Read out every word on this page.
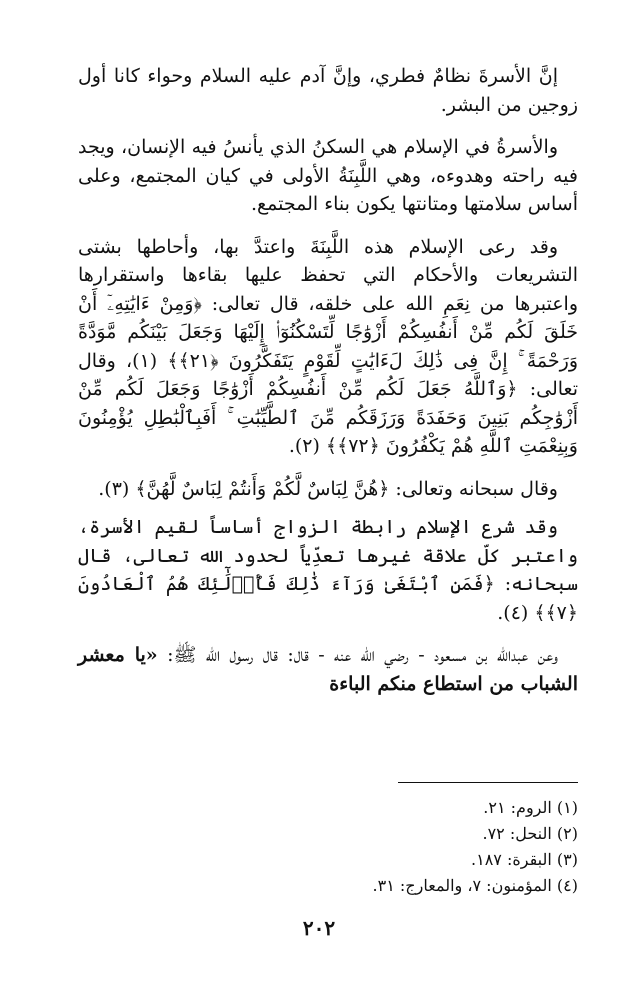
إنَّ الأسرةَ نظامٌ فطري، وإنَّ آدم عليه السلام وحواء كانا أول زوجين من البشر.

والأسرةُ في الإسلام هي السكنُ الذي يأنسُ فيه الإنسان، ويجد فيه راحته وهدوءه، وهي اللَّبِنَةُ الأولى في كيان المجتمع، وعلى أساس سلامتها ومتانتها يكون بناء المجتمع.

وقد رعى الإسلام هذه اللَّبِنَةَ واعتدَّ بها، وأحاطها بشتى التشريعات والأحكام التي تحفظ عليها بقاءها واستقرارها واعتبرها من نِعَمِ الله على خلقه، قال تعالى: ﴿وَمِنْ ءَايَٰتِهِۦٓ أَنْ خَلَقَ لَكُم مِّنْ أَنفُسِكُمْ أَزْوَٰجًا لِّتَسْكُنُوٓا۟ إِلَيْهَا وَجَعَلَ بَيْنَكُم مَّوَدَّةً وَرَحْمَةً ۚ إِنَّ فِى ذَٰلِكَ لَءَايَٰتٍ لِّقَوْمٍ يَتَفَكَّرُونَ ﴿٢١﴾﴾ (١)، وقال تعالى: ﴿وَٱللَّهُ جَعَلَ لَكُم مِّنْ أَنفُسِكُمْ أَزْوَٰجًا وَجَعَلَ لَكُم مِّنْ أَزْوَٰجِكُم بَنِينَ وَحَفَدَةً وَرَزَقَكُم مِّنَ ٱلطَّيِّبَٰتِ ۚ أَفَبِٱلْبَٰطِلِ يُؤْمِنُونَ وَبِنِعْمَتِ ٱللَّهِ هُمْ يَكْفُرُونَ ﴿٧٢﴾﴾ (٢).

وقال سبحانه وتعالى: ﴿هُنَّ لِبَاسٌ لَّكُمْ وَأَنتُمْ لِبَاسٌ لَّهُنَّ﴾ (٣).

وقد شرع الإسلام رابطة الزواج أساساً لقيم الأسرة، واعتبر كلّ علاقة غيرها تعدِّياً لحدود الله تعالى، قال سبحانه: ﴿فَمَنِ ٱبْتَغَىٰ وَرَآءَ ذَٰلِكَ فَأُو۟لَٰٓئِكَ هُمُ ٱلْعَادُونَ ﴿٧﴾﴾ (٤).

وعن عبدالله بن مسعود - رضي الله عنه - قال: قال رسول الله ﷺ: «يا معشر الشباب من استطاع منكم الباءة

(١) الروم: ٢١.
(٢) النحل: ٧٢.
(٣) البقرة: ١٨٧.
(٤) المؤمنون: ٧، والمعارج: ٣١.
٢٠٢
